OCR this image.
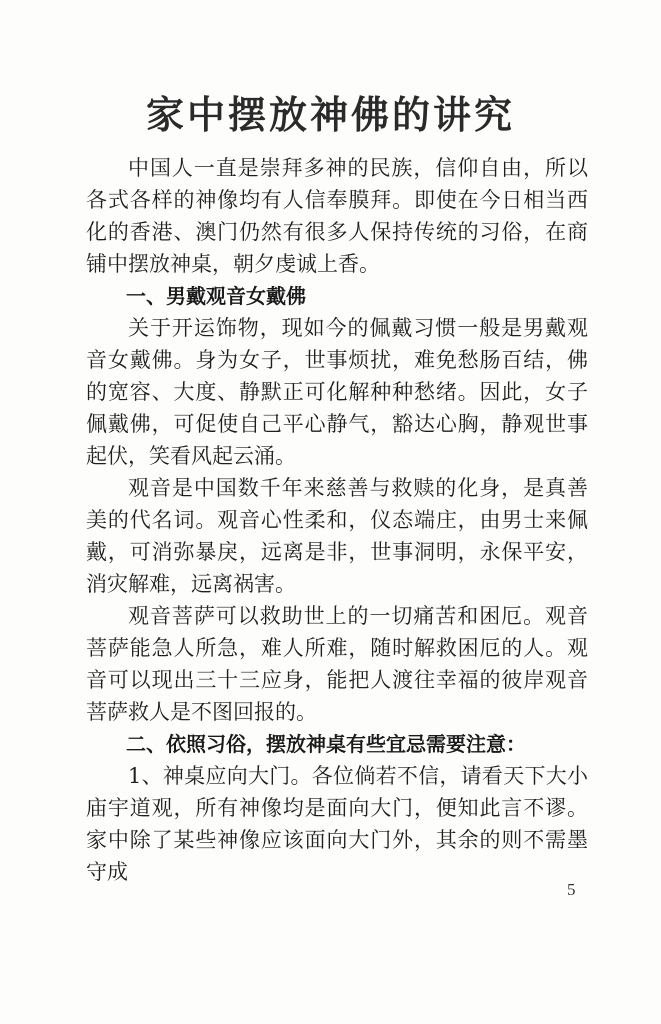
家中摆放神佛的讲究

中国人一直是崇拜多神的民族，信仰自由，所以各式各样的神像均有人信奉膜拜。即使在今日相当西化的香港、澳门仍然有很多人保持传统的习俗，在商铺中摆放神桌，朝夕虔诚上香。

一、男戴观音女戴佛

关于开运饰物，现如今的佩戴习惯一般是男戴观音女戴佛。身为女子，世事烦扰，难免愁肠百结，佛的宽容、大度、静默正可化解种种愁绪。因此，女子佩戴佛，可促使自己平心静气，豁达心胸，静观世事起伏，笑看风起云涌。

观音是中国数千年来慈善与救赎的化身，是真善美的代名词。观音心性柔和，仪态端庄，由男士来佩戴，可消弥暴戾，远离是非，世事洞明，永保平安，消灾解难，远离祸害。

观音菩萨可以救助世上的一切痛苦和困厄。观音菩萨能急人所急，难人所难，随时解救困厄的人。观音可以现出三十三应身，能把人渡往幸福的彼岸观音菩萨救人是不图回报的。

二、依照习俗，摆放神桌有些宜忌需要注意：

1、神桌应向大门。各位倘若不信，请看天下大小庙宇道观，所有神像均是面向大门，便知此言不谬。家中除了某些神像应该面向大门外，其余的则不需墨守成

5
